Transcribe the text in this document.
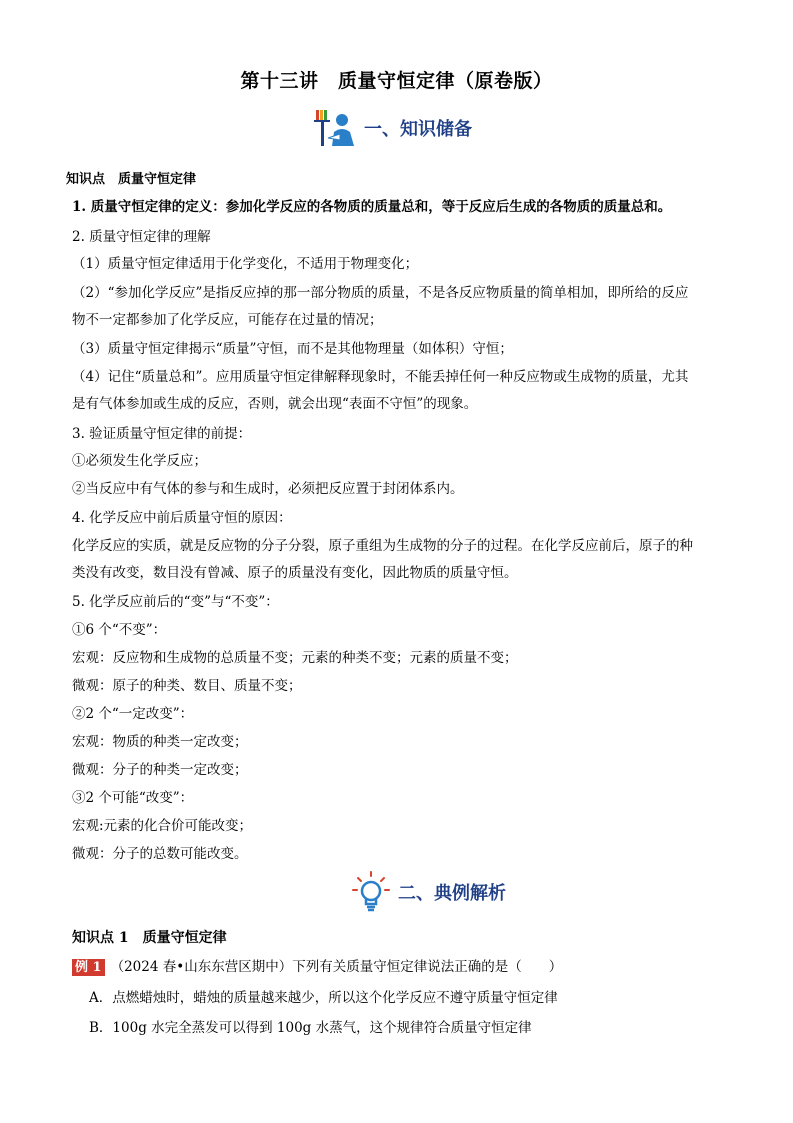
第十三讲　质量守恒定律（原卷版）
一、知识储备
知识点　质量守恒定律
1. 质量守恒定律的定义：参加化学反应的各物质的质量总和，等于反应后生成的各物质的质量总和。
2. 质量守恒定律的理解
（1）质量守恒定律适用于化学变化，不适用于物理变化；
（2）“参加化学反应”是指反应掉的那一部分物质的质量，不是各反应物质量的简单相加，即所给的反应
物不一定都参加了化学反应，可能存在过量的情况；
（3）质量守恒定律揭示“质量”守恒，而不是其他物理量（如体积）守恒；
（4）记住“质量总和”。应用质量守恒定律解释现象时，不能丢掉任何一种反应物或生成物的质量，尤其
是有气体参加或生成的反应，否则，就会出现“表面不守恒”的现象。
3. 验证质量守恒定律的前提：
①必须发生化学反应；
②当反应中有气体的参与和生成时，必须把反应置于封闭体系内。
4. 化学反应中前后质量守恒的原因：
化学反应的实质，就是反应物的分子分裂，原子重组为生成物的分子的过程。在化学反应前后，原子的种
类没有改变，数目没有曾减、原子的质量没有变化，因此物质的质量守恒。
5. 化学反应前后的“变”与“不变”：
①6 个“不变”：
宏观：反应物和生成物的总质量不变；元素的种类不变；元素的质量不变；
微观：原子的种类、数目、质量不变；
②2 个“一定改变”：
宏观：物质的种类一定改变；
微观：分子的种类一定改变；
③2 个可能“改变”：
宏观:元素的化合价可能改变；
微观：分子的总数可能改变。
二、典例解析
知识点 1　质量守恒定律
例 1 （2024 春•山东东营区期中）下列有关质量守恒定律说法正确的是（　　）
A．点燃蜡烛时，蜡烛的质量越来越少，所以这个化学反应不遵守质量守恒定律
B．100g 水完全蒸发可以得到 100g 水蒸气，这个规律符合质量守恒定律
